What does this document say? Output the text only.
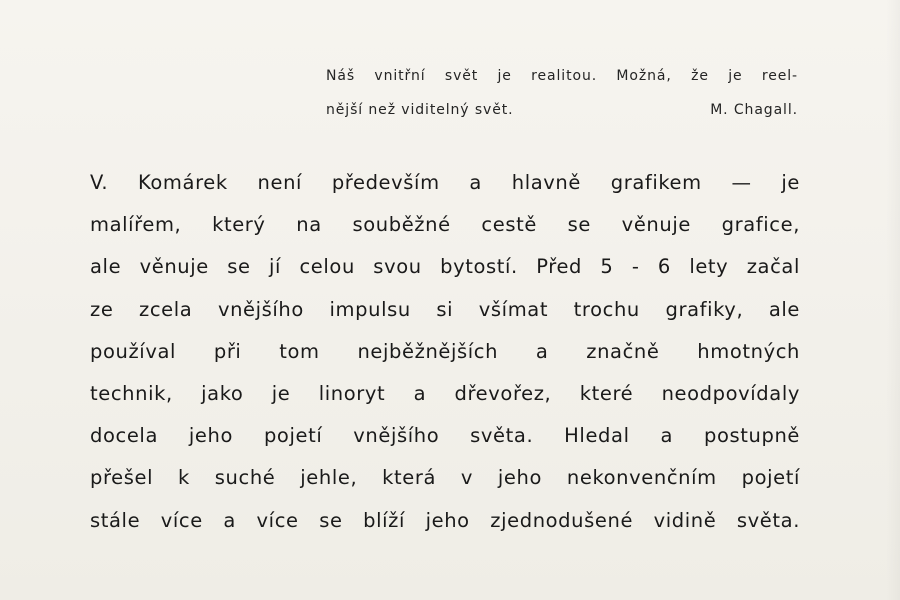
Náš vnitřní svět je realitou. Možná, že je reel-
nější než viditelný svět.	M. Chagall.
V. Komárek není především a hlavně grafikem — je
malířem, který na souběžné cestě se věnuje grafice,
ale věnuje se jí celou svou bytostí. Před 5 - 6 lety začal
ze zcela vnějšího impulsu si všímat trochu grafiky, ale
používal při tom nejběžnějších a značně hmotných
technik, jako je linoryt a dřevořez, které neodpovídaly
docela jeho pojetí vnějšího světa. Hledal a postupně
přešel k suché jehle, která v jeho nekonvenčním pojetí
stále více a více se blíží jeho zjednodušené vidině světa.
